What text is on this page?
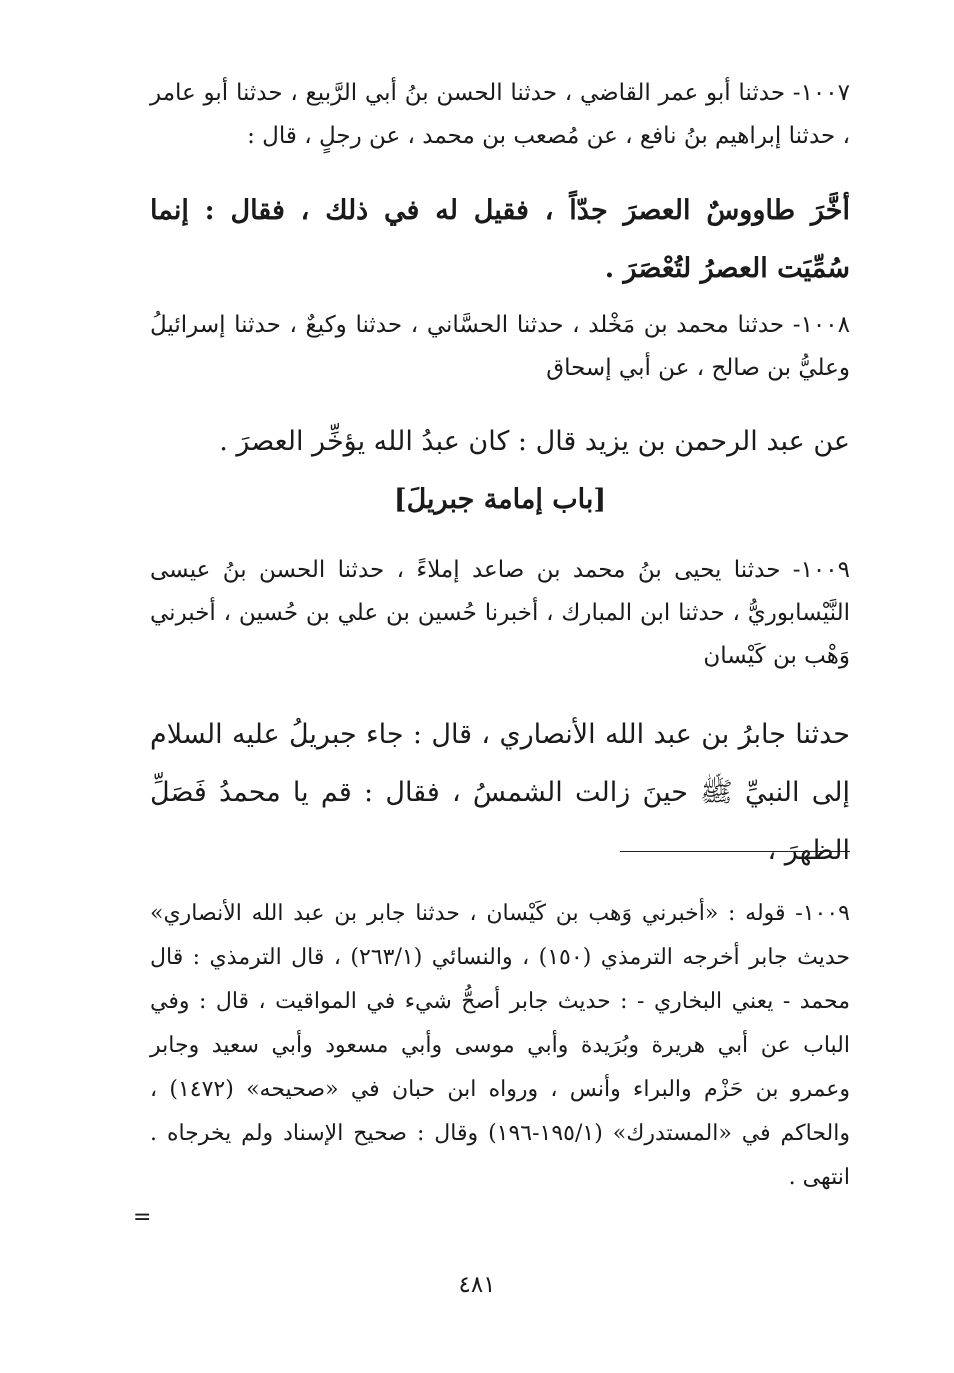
١٠٠٧- حدثنا أبو عمر القاضي ، حدثنا الحسن بنُ أبي الرَّبيع ، حدثنا أبو عامر ، حدثنا إبراهيم بنُ نافع ، عن مُصعب بن محمد ، عن رجلٍ ، قال :
أخَّرَ طاووسٌ العصرَ جدّاً ، فقيل له في ذلك ، فقال : إنما سُمِّيَت العصرُ لتُعْصَرَ .
١٠٠٨- حدثنا محمد بن مَخْلد ، حدثنا الحسَّاني ، حدثنا وكيعٌ ، حدثنا إسرائيلُ وعليُّ بن صالح ، عن أبي إسحاق
عن عبد الرحمن بن يزيد قال : كان عبدُ الله يؤخِّر العصرَ .
[باب إمامة جبريلَ]
١٠٠٩- حدثنا يحيى بنُ محمد بن صاعد إملاءً ، حدثنا الحسن بنُ عيسى النَّيْسابوريُّ ، حدثنا ابن المبارك ، أخبرنا حُسين بن علي بن حُسين ، أخبرني وَهْب بن كَيْسان
حدثنا جابرُ بن عبد الله الأنصاري ، قال : جاء جبريلُ عليه السلام إلى النبيِّ ﷺ حينَ زالت الشمسُ ، فقال : قم يا محمدُ فَصَلِّ الظهرَ ،
١٠٠٩- قوله : «أخبرني وَهب بن كَيْسان ، حدثنا جابر بن عبد الله الأنصاري» حديث جابر أخرجه الترمذي (١٥٠) ، والنسائي (٢٦٣/١) ، قال الترمذي : قال محمد - يعني البخاري - : حديث جابر أصحُّ شيء في المواقيت ، قال : وفي الباب عن أبي هريرة وبُرَيدة وأبي موسى وأبي مسعود وأبي سعيد وجابر وعمرو بن حَزْم والبراء وأنس ، ورواه ابن حبان في «صحيحه» (١٤٧٢) ، والحاكم في «المستدرك» (١٩٥/١-١٩٦) وقال : صحيح الإسناد ولم يخرجاه . انتهى .
=
٤٨١
